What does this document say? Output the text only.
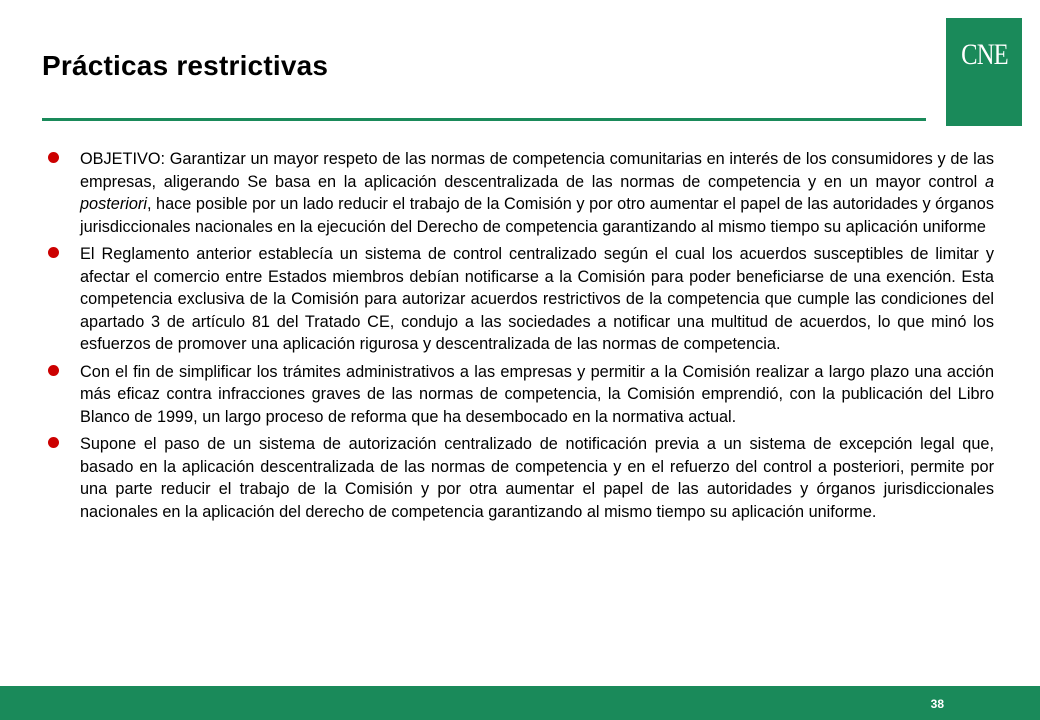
Prácticas restrictivas	CNE
OBJETIVO: Garantizar un mayor respeto de las normas de competencia comunitarias en interés de los consumidores y de las empresas, aligerando Se basa en la aplicación descentralizada de las normas de competencia y en un mayor control a posteriori, hace posible por un lado reducir el trabajo de la Comisión y por otro aumentar el papel de las autoridades y órganos jurisdiccionales nacionales en la ejecución del Derecho de competencia garantizando al mismo tiempo su aplicación uniforme
El Reglamento anterior establecía un sistema de control centralizado según el cual los acuerdos susceptibles de limitar y afectar el comercio entre Estados miembros debían notificarse a la Comisión para poder beneficiarse de una exención. Esta competencia exclusiva de la Comisión para autorizar acuerdos restrictivos de la competencia que cumple las condiciones del apartado 3 de artículo 81 del Tratado CE, condujo a las sociedades a notificar una multitud de acuerdos, lo que minó los esfuerzos de promover una aplicación rigurosa y descentralizada de las normas de competencia.
Con el fin de simplificar los trámites administrativos a las empresas y permitir a la Comisión realizar a largo plazo una acción más eficaz contra infracciones graves de las normas de competencia, la Comisión emprendió, con la publicación del Libro Blanco de 1999, un largo proceso de reforma que ha desembocado en la normativa actual.
Supone el paso de un sistema de autorización centralizado de notificación previa a un sistema de excepción legal que, basado en la aplicación descentralizada de las normas de competencia y en el refuerzo del control a posteriori, permite por una parte reducir el trabajo de la Comisión y por otra aumentar el papel de las autoridades y órganos jurisdiccionales nacionales en la aplicación del derecho de competencia garantizando al mismo tiempo su aplicación uniforme.
38
